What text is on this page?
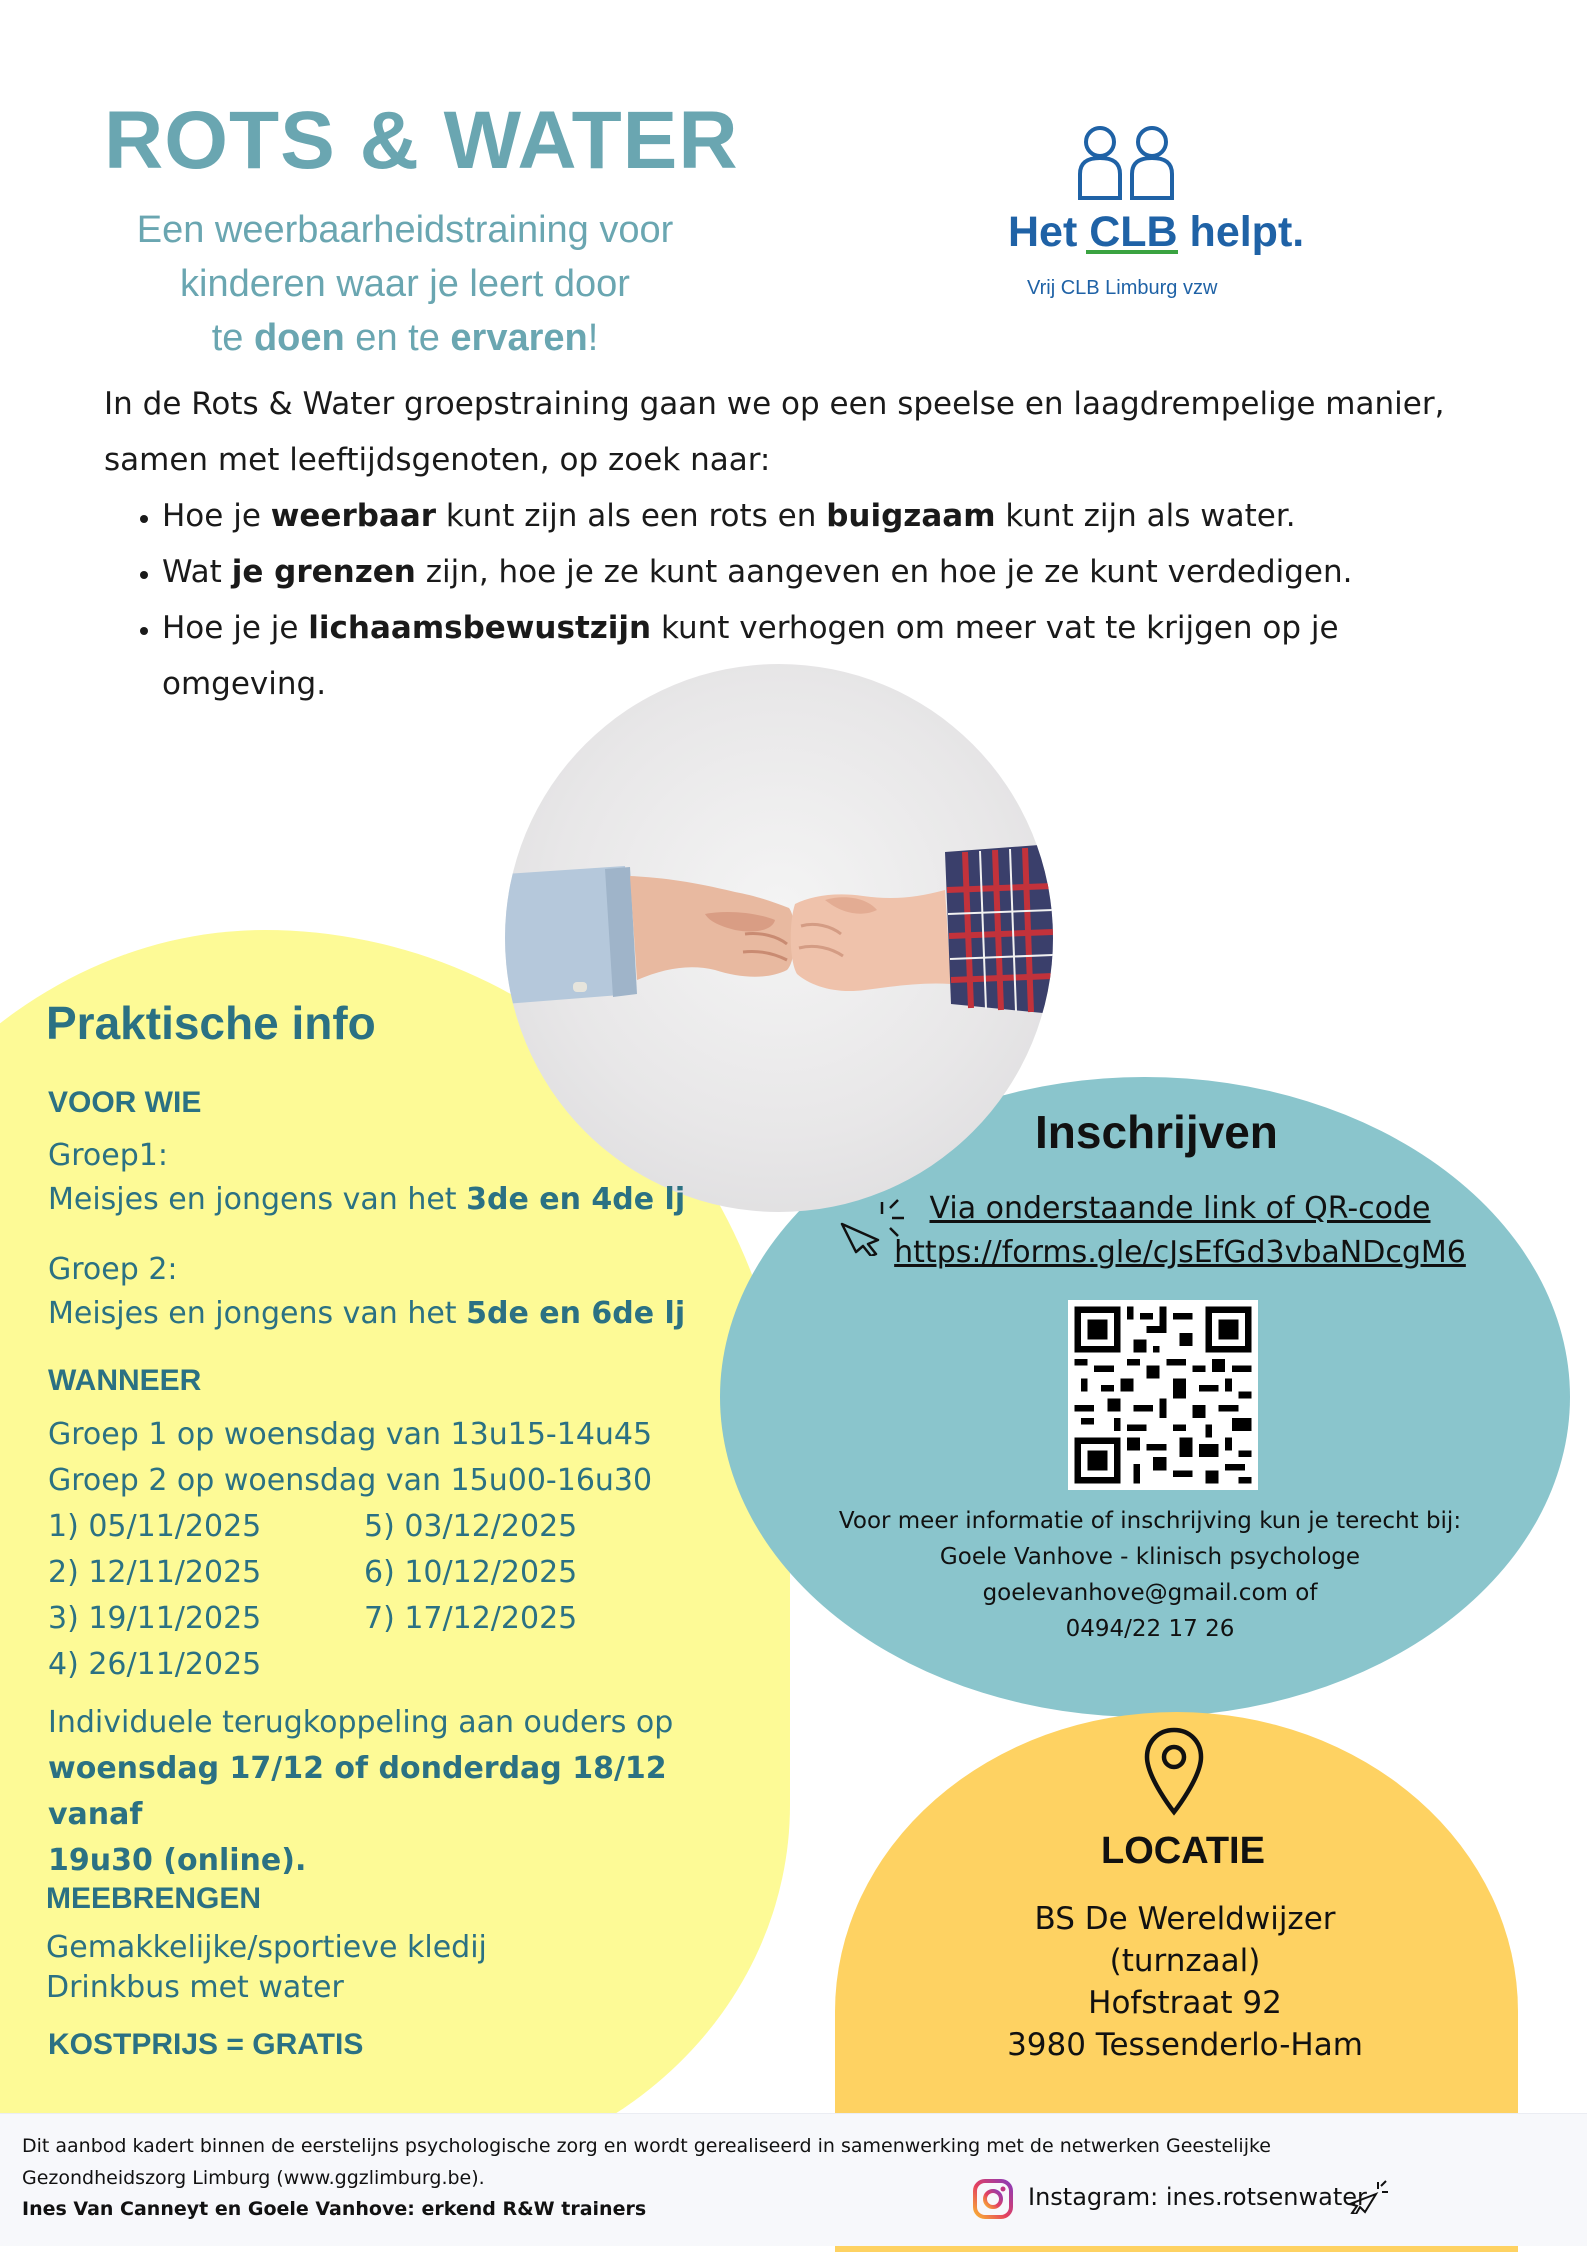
ROTS & WATER
Een weerbaarheidstraining voor
kinderen waar je leert door
te doen en te ervaren!
Het CLB helpt.
Vrij CLB Limburg vzw

In de Rots & Water groepstraining gaan we op een speelse en laagdrempelige manier,

samen met leeftijdsgenoten, op zoek naar:

• Hoe je weerbaar kunt zijn als een rots en buigzaam kunt zijn als water.
• Wat je grenzen zijn, hoe je ze kunt aangeven en hoe je ze kunt verdedigen.
• Hoe je je lichaamsbewustzijn kunt verhogen om meer vat te krijgen op je omgeving.
Praktische info
VOOR WIE
Groep1:
Meisjes en jongens van het 3de en 4de lj
Groep 2:
Meisjes en jongens van het 5de en 6de lj
WANNEER
Groep 1 op woensdag van 13u15-14u45
Groep 2 op woensdag van 15u00-16u30
1) 05/11/2025
2) 12/11/2025
3) 19/11/2025
4) 26/11/2025
5) 03/12/2025
6) 10/12/2025
7) 17/12/2025
Individuele terugkoppeling aan ouders op
woensdag 17/12 of donderdag 18/12 vanaf
19u30 (online).
MEEBRENGEN
Gemakkelijke/sportieve kledij
Drinkbus met water
KOSTPRIJS = GRATIS
Inschrijven
Via onderstaande link of QR-code
https://forms.gle/cJsEfGd3vbaNDcgM6
Voor meer informatie of inschrijving kun je terecht bij:
Goele Vanhove - klinisch psychologe
goelevanhove@gmail.com of
0494/22 17 26
LOCATIE
BS De Wereldwijzer
(turnzaal)
Hofstraat 92
3980 Tessenderlo-Ham
Dit aanbod kadert binnen de eerstelijns psychologische zorg en wordt gerealiseerd in samenwerking met de netwerken Geestelijke
Gezondheidszorg Limburg (www.ggzlimburg.be).
Ines Van Canneyt en Goele Vanhove: erkend R&W trainers	Instagram: ines.rotsenwater
